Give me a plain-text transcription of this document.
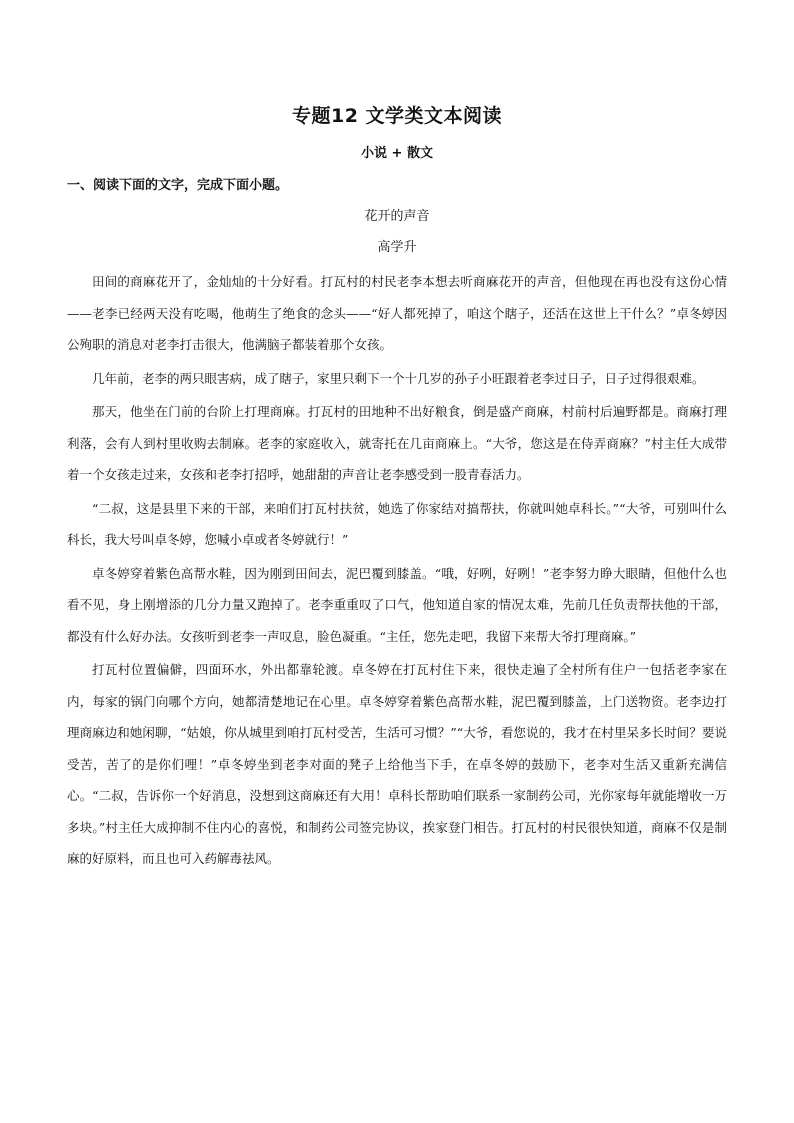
专题12 文学类文本阅读
小说 + 散文
一、阅读下面的文字，完成下面小题。
花开的声音
高学升

田间的商麻花开了，金灿灿的十分好看。打瓦村的村民老李本想去听商麻花开的声音，但他现在再也没有这份心情——老李已经两天没有吃喝，他萌生了绝食的念头——“好人都死掉了，咱这个瞎子，还活在这世上干什么？”卓冬婷因公殉职的消息对老李打击很大，他满脑子都装着那个女孩。

几年前，老李的两只眼害病，成了瞎子，家里只剩下一个十几岁的孙子小旺跟着老李过日子，日子过得很艰难。

那天，他坐在门前的台阶上打理商麻。打瓦村的田地种不出好粮食，倒是盛产商麻，村前村后遍野都是。商麻打理利落，会有人到村里收购去制麻。老李的家庭收入，就寄托在几亩商麻上。“大爷，您这是在侍弄商麻？”村主任大成带着一个女孩走过来，女孩和老李打招呼，她甜甜的声音让老李感受到一股青春活力。

“二叔，这是县里下来的干部，来咱们打瓦村扶贫，她选了你家结对搞帮扶，你就叫她卓科长。”“大爷，可别叫什么科长，我大号叫卓冬婷，您喊小卓或者冬婷就行！”

卓冬婷穿着紫色高帮水鞋，因为刚到田间去，泥巴覆到膝盖。“哦，好咧，好咧！”老李努力睁大眼睛，但他什么也看不见，身上刚增添的几分力量又跑掉了。老李重重叹了口气，他知道自家的情况太难，先前几任负责帮扶他的干部，都没有什么好办法。女孩听到老李一声叹息，脸色凝重。“主任，您先走吧，我留下来帮大爷打理商麻。”

打瓦村位置偏僻，四面环水，外出都靠轮渡。卓冬婷在打瓦村住下来，很快走遍了全村所有住户一包括老李家在内，每家的锅门向哪个方向，她都清楚地记在心里。卓冬婷穿着紫色高帮水鞋，泥巴覆到膝盖，上门送物资。老李边打理商麻边和她闲聊，“姑娘，你从城里到咱打瓦村受苦，生活可习惯？”“大爷，看您说的，我才在村里呆多长时间？要说受苦，苦了的是你们哩！”卓冬婷坐到老李对面的凳子上给他当下手，在卓冬婷的鼓励下，老李对生活又重新充满信心。“二叔，告诉你一个好消息，没想到这商麻还有大用！卓科长帮助咱们联系一家制药公司，光你家每年就能增收一万多块。”村主任大成抑制不住内心的喜悦，和制药公司签完协议，挨家登门相告。打瓦村的村民很快知道，商麻不仅是制麻的好原料，而且也可入药解毒祛风。
